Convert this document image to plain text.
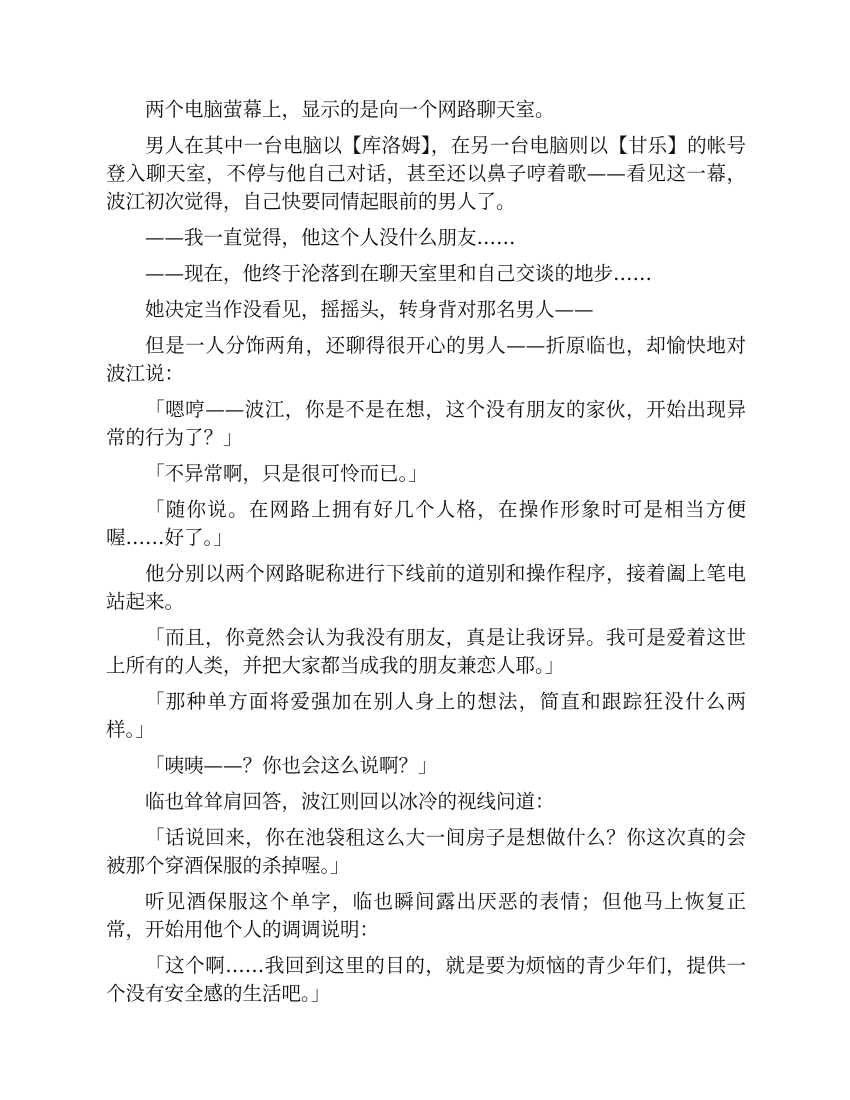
两个电脑萤幕上，显示的是向一个网路聊天室。

男人在其中一台电脑以【库洛姆】，在另一台电脑则以【甘乐】的帐号登入聊天室，不停与他自己对话，甚至还以鼻子哼着歌——看见这一幕，波江初次觉得，自己快要同情起眼前的男人了。

——我一直觉得，他这个人没什么朋友……

——现在，他终于沦落到在聊天室里和自己交谈的地步……

她决定当作没看见，摇摇头，转身背对那名男人——

但是一人分饰两角，还聊得很开心的男人——折原临也，却愉快地对波江说：

「嗯哼——波江，你是不是在想，这个没有朋友的家伙，开始出现异常的行为了？」

「不异常啊，只是很可怜而已。」

「随你说。在网路上拥有好几个人格，在操作形象时可是相当方便喔……好了。」

他分别以两个网路昵称进行下线前的道别和操作程序，接着阖上笔电站起来。

「而且，你竟然会认为我没有朋友，真是让我讶异。我可是爱着这世上所有的人类，并把大家都当成我的朋友兼恋人耶。」

「那种单方面将爱强加在别人身上的想法，简直和跟踪狂没什么两样。」

「咦咦——？你也会这么说啊？」

临也耸耸肩回答，波江则回以冰冷的视线问道：

「话说回来，你在池袋租这么大一间房子是想做什么？你这次真的会被那个穿酒保服的杀掉喔。」

听见酒保服这个单字，临也瞬间露出厌恶的表情；但他马上恢复正常，开始用他个人的调调说明：

「这个啊……我回到这里的目的，就是要为烦恼的青少年们，提供一个没有安全感的生活吧。」
